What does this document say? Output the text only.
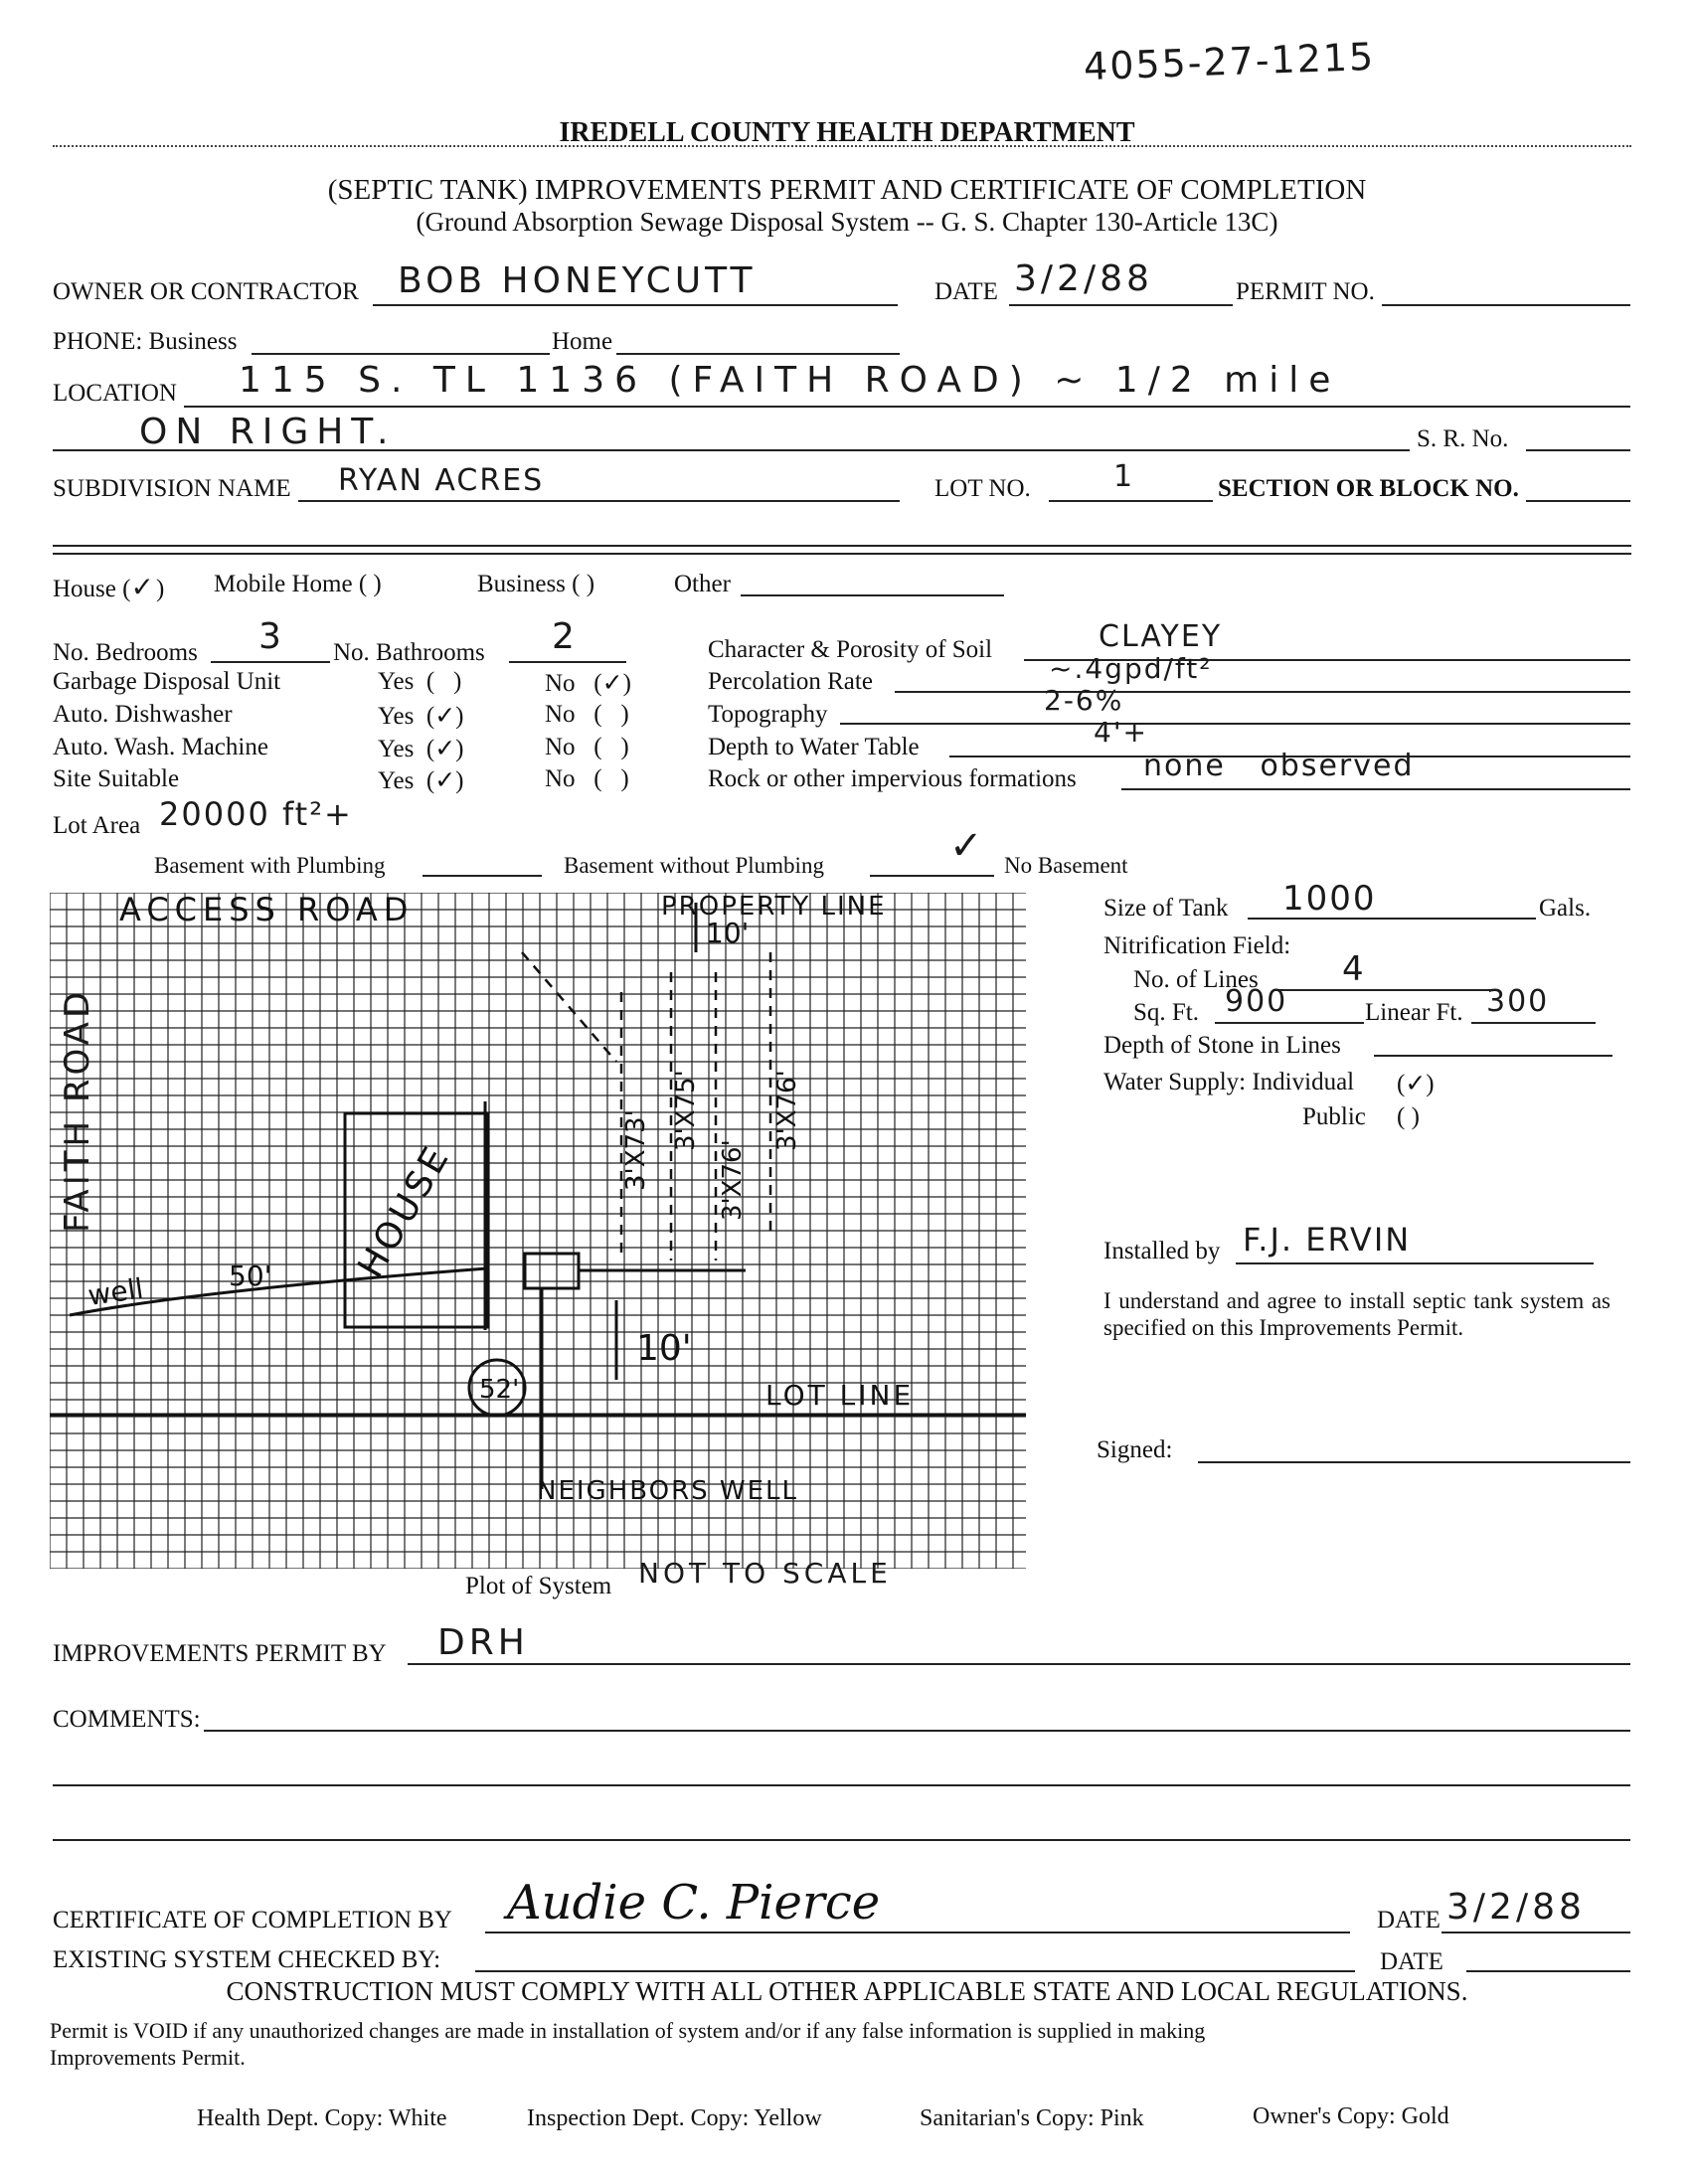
4055-27-1215
IREDELL COUNTY HEALTH DEPARTMENT
(SEPTIC TANK) IMPROVEMENTS PERMIT AND CERTIFICATE OF COMPLETION
(Ground Absorption Sewage Disposal System -- G. S. Chapter 130-Article 13C)
OWNER OR CONTRACTOR BOB HONEYCUTT	DATE 3/2/88	PERMIT NO.
PHONE: Business	Home
LOCATION 115 S. TL 1136 (FAITH ROAD) ~ 1/2 mile
ON RIGHT.	S. R. No.
SUBDIVISION NAME RYAN ACRES	LOT NO.	1	SECTION OR BLOCK NO.
House (✓) Mobile Home ( )	Business ( )	Other
No. Bedrooms 3 No. Bathrooms 2
Garbage Disposal Unit	Yes  (   )	No   (✓)
Auto. Dishwasher	Yes  (✓)	No   (   )
Auto. Wash. Machine	Yes  (✓)	No   (   )
Site Suitable	Yes  (✓)	No   (   )
Character & Porosity of Soil	CLAYEY
Percolation Rate	~.4gpd/ft²
Topography	2-6%
Depth to Water Table	4'+
Rock or other impervious formations none   observed
Lot Area 20000 ft²+
Basement with Plumbing	Basement without Plumbing	✓ No Basement
Size of Tank 1000	Gals.
Nitrification Field:
No. of Lines 4
Sq. Ft. 900	Linear Ft. 300
Depth of Stone in Lines
Water Supply: Individual (✓)
Public ( )
Installed by F.J. ERVIN
I understand and agree to install septic tank system as specified on this Improvements Permit.
Signed:
ACCESS ROAD	PROPERTY LINE
10'
HOUSE
well	50'
10'
LOT LINE
52'
NEIGHBORS WELL
3'X73' 3'X75'
3'X76'
3'X76'
FAITH ROAD
Plot of System NOT TO SCALE
IMPROVEMENTS PERMIT BY DRH
COMMENTS:
CERTIFICATE OF COMPLETION BY Audie C. Pierce	DATE 3/2/88
EXISTING SYSTEM CHECKED BY:	DATE
CONSTRUCTION MUST COMPLY WITH ALL OTHER APPLICABLE STATE AND LOCAL REGULATIONS.
Permit is VOID if any unauthorized changes are made in installation of system and/or if any false information is supplied in making
Improvements Permit.
Health Dept. Copy: White	Inspection Dept. Copy: Yellow	Sanitarian's Copy: Pink	Owner's Copy: Gold
